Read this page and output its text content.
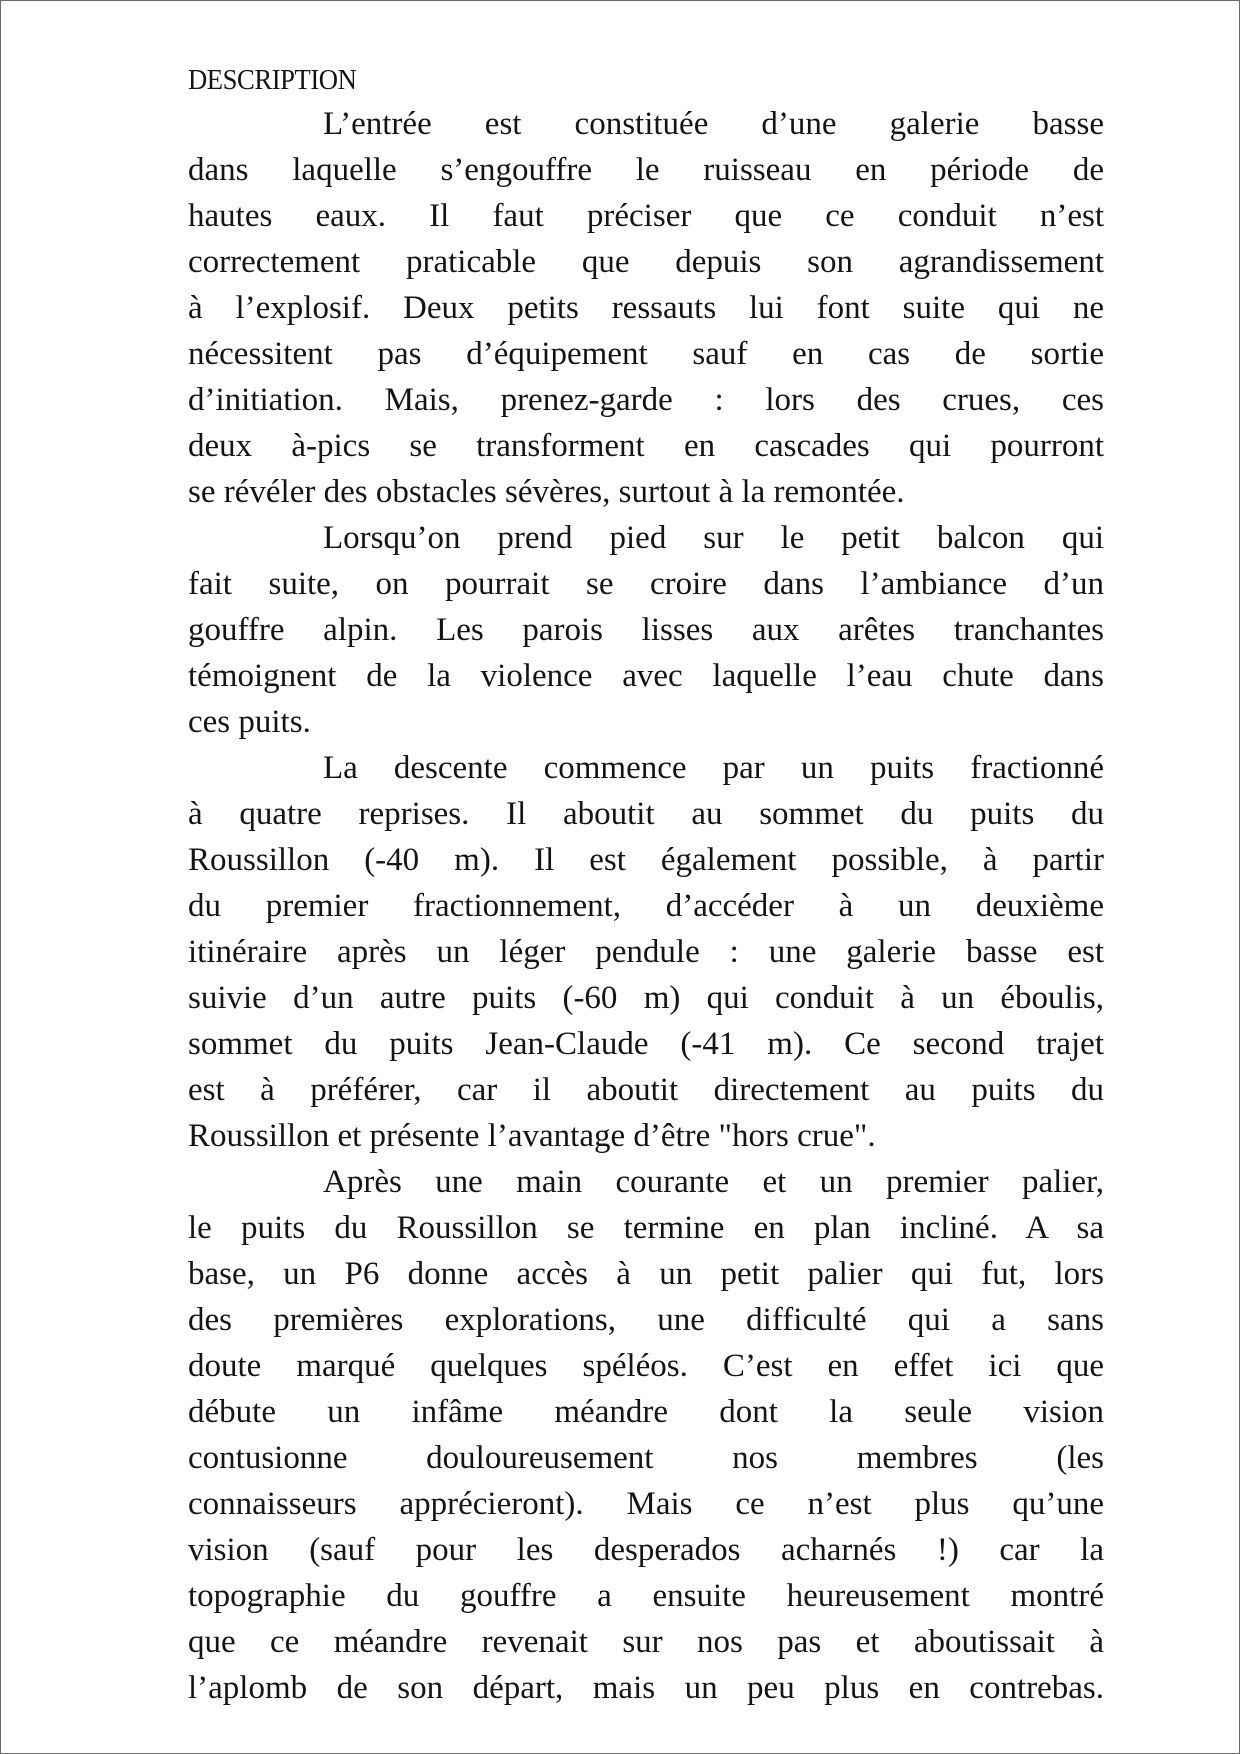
DESCRIPTION
L’entrée est constituée d’une galerie basse
dans laquelle s’engouffre le ruisseau en période de
hautes eaux. Il faut préciser que ce conduit n’est
correctement praticable que depuis son agrandissement
à l’explosif. Deux petits ressauts lui font suite qui ne
nécessitent pas d’équipement sauf en cas de sortie
d’initiation. Mais, prenez-garde : lors des crues, ces
deux à-pics se transforment en cascades qui pourront
se révéler des obstacles sévères, surtout à la remontée.
Lorsqu’on prend pied sur le petit balcon qui
fait suite, on pourrait se croire dans l’ambiance d’un
gouffre alpin. Les parois lisses aux arêtes tranchantes
témoignent de la violence avec laquelle l’eau chute dans
ces puits.
La descente commence par un puits fractionné
à quatre reprises. Il aboutit au sommet du puits du
Roussillon (-40 m). Il est également possible, à partir
du premier fractionnement, d’accéder à un deuxième
itinéraire après un léger pendule : une galerie basse est
suivie d’un autre puits (-60 m) qui conduit à un éboulis,
sommet du puits Jean-Claude (-41 m). Ce second trajet
est à préférer, car il aboutit directement au puits du
Roussillon et présente l’avantage d’être "hors crue".
Après une main courante et un premier palier,
le puits du Roussillon se termine en plan incliné. A sa
base, un P6 donne accès à un petit palier qui fut, lors
des premières explorations, une difficulté qui a sans
doute marqué quelques spéléos. C’est en effet ici que
débute un infâme méandre dont la seule vision
contusionne douloureusement nos membres (les
connaisseurs apprécieront). Mais ce n’est plus qu’une
vision (sauf pour les desperados acharnés !) car la
topographie du gouffre a ensuite heureusement montré
que ce méandre revenait sur nos pas et aboutissait à
l’aplomb de son départ, mais un peu plus en contrebas.
